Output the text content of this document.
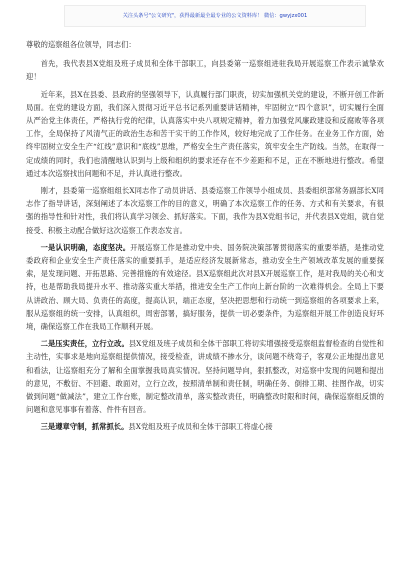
关注头条号"公文研究"，获得最新最全最专业的公文资料库！ 微信：gwyjzx001

尊敬的巡察组各位领导，同志们：

首先，我代表县X党组及班子成员和全体干部职工，向县委第一巡察组进驻我局开展巡察工作表示诚挚欢迎！

近年来，县X在县委、县政府的坚强领导下，认真履行部门职责，切实加强机关党的建设，不断开创工作新局面。在党的建设方面，我们深入贯彻习近平总书记系列重要讲话精神，牢固树立“四个意识”，切实履行全面从严治党主体责任，严格执行党的纪律，认真落实中央八项规定精神，着力加强党风廉政建设和反腐败等各项工作，全局保持了风清气正的政治生态和苦干实干的工作作风，较好地完成了工作任务。在业务工作方面，始终牢固树立安全生产“红线”意识和“底线”思维，严格安全生产责任落实，筑牢安全生产防线。当然，在取得一定成绩的同时，我们也清醒地认识到与上级和组织的要求还存在不少差距和不足，正在不断地进行整改。希望通过本次巡察找出问题和不足，并认真进行整改。

刚才，县委第一巡察组组长X同志作了动员讲话、县委巡察工作领导小组成员、县委组织部常务副部长X同志作了指导讲话，深刻阐述了本次巡察工作的目的意义，明确了本次巡察工作的任务、方式和有关要求，有很强的指导性和针对性，我们将认真学习领会、抓好落实。下面，我作为县X党组书记，并代表县X党组，就自觉接受、积极主动配合做好这次巡察工作表态发言。

一是认识明确，态度坚决。开展巡察工作是推动党中央、国务院决策部署贯彻落实的重要举措，是推动党委政府和企业安全生产责任落实的重要抓手，是适应经济发展新常态，推动安全生产领域改革发展的重要探索，是发现问题、开拓思路、完善措施的有效途径。县X巡察组此次对县X开展巡察工作，是对我局的关心和支持，也是帮助我局提升水平、推动落实重大举措，推进安全生产工作向上新台阶的一次难得机会。全局上下要从讲政治、顾大局、负责任的高度，提高认识，端正态度，坚决把思想和行动统一到巡察组的各项要求上来，服从巡察组的统一安排，认真组织，周密部署，搞好服务，提供一切必要条件，为巡察组开展工作创造良好环境，确保巡察工作在我局工作顺利开展。

二是压实责任，立行立改。县X党组及班子成员和全体干部职工将切实增强接受巡察组监督检查的自觉性和主动性，实事求是地向巡察组提供情况，接受检查，讲成绩不掺水分，谈问题不绕弯子，客观公正地提出意见和看法，让巡察组充分了解和全面掌握我局真实情况。坚持问题导向，狠抓整改，对巡察中发现的问题和提出的意见，不敷衍、不回避、敢面对，立行立改，按照清单制和责任制，明确任务、倒排工期、挂图作战，切实做到问题“做减法”，建立工作台账，制定整改清单，落实整改责任，明确整改时限和时间，确保巡察组反馈的问题和意见事事有着落、件件有回音。

三是遵章守制，抓常抓长。县X党组及班子成员和全体干部职工将虚心接
